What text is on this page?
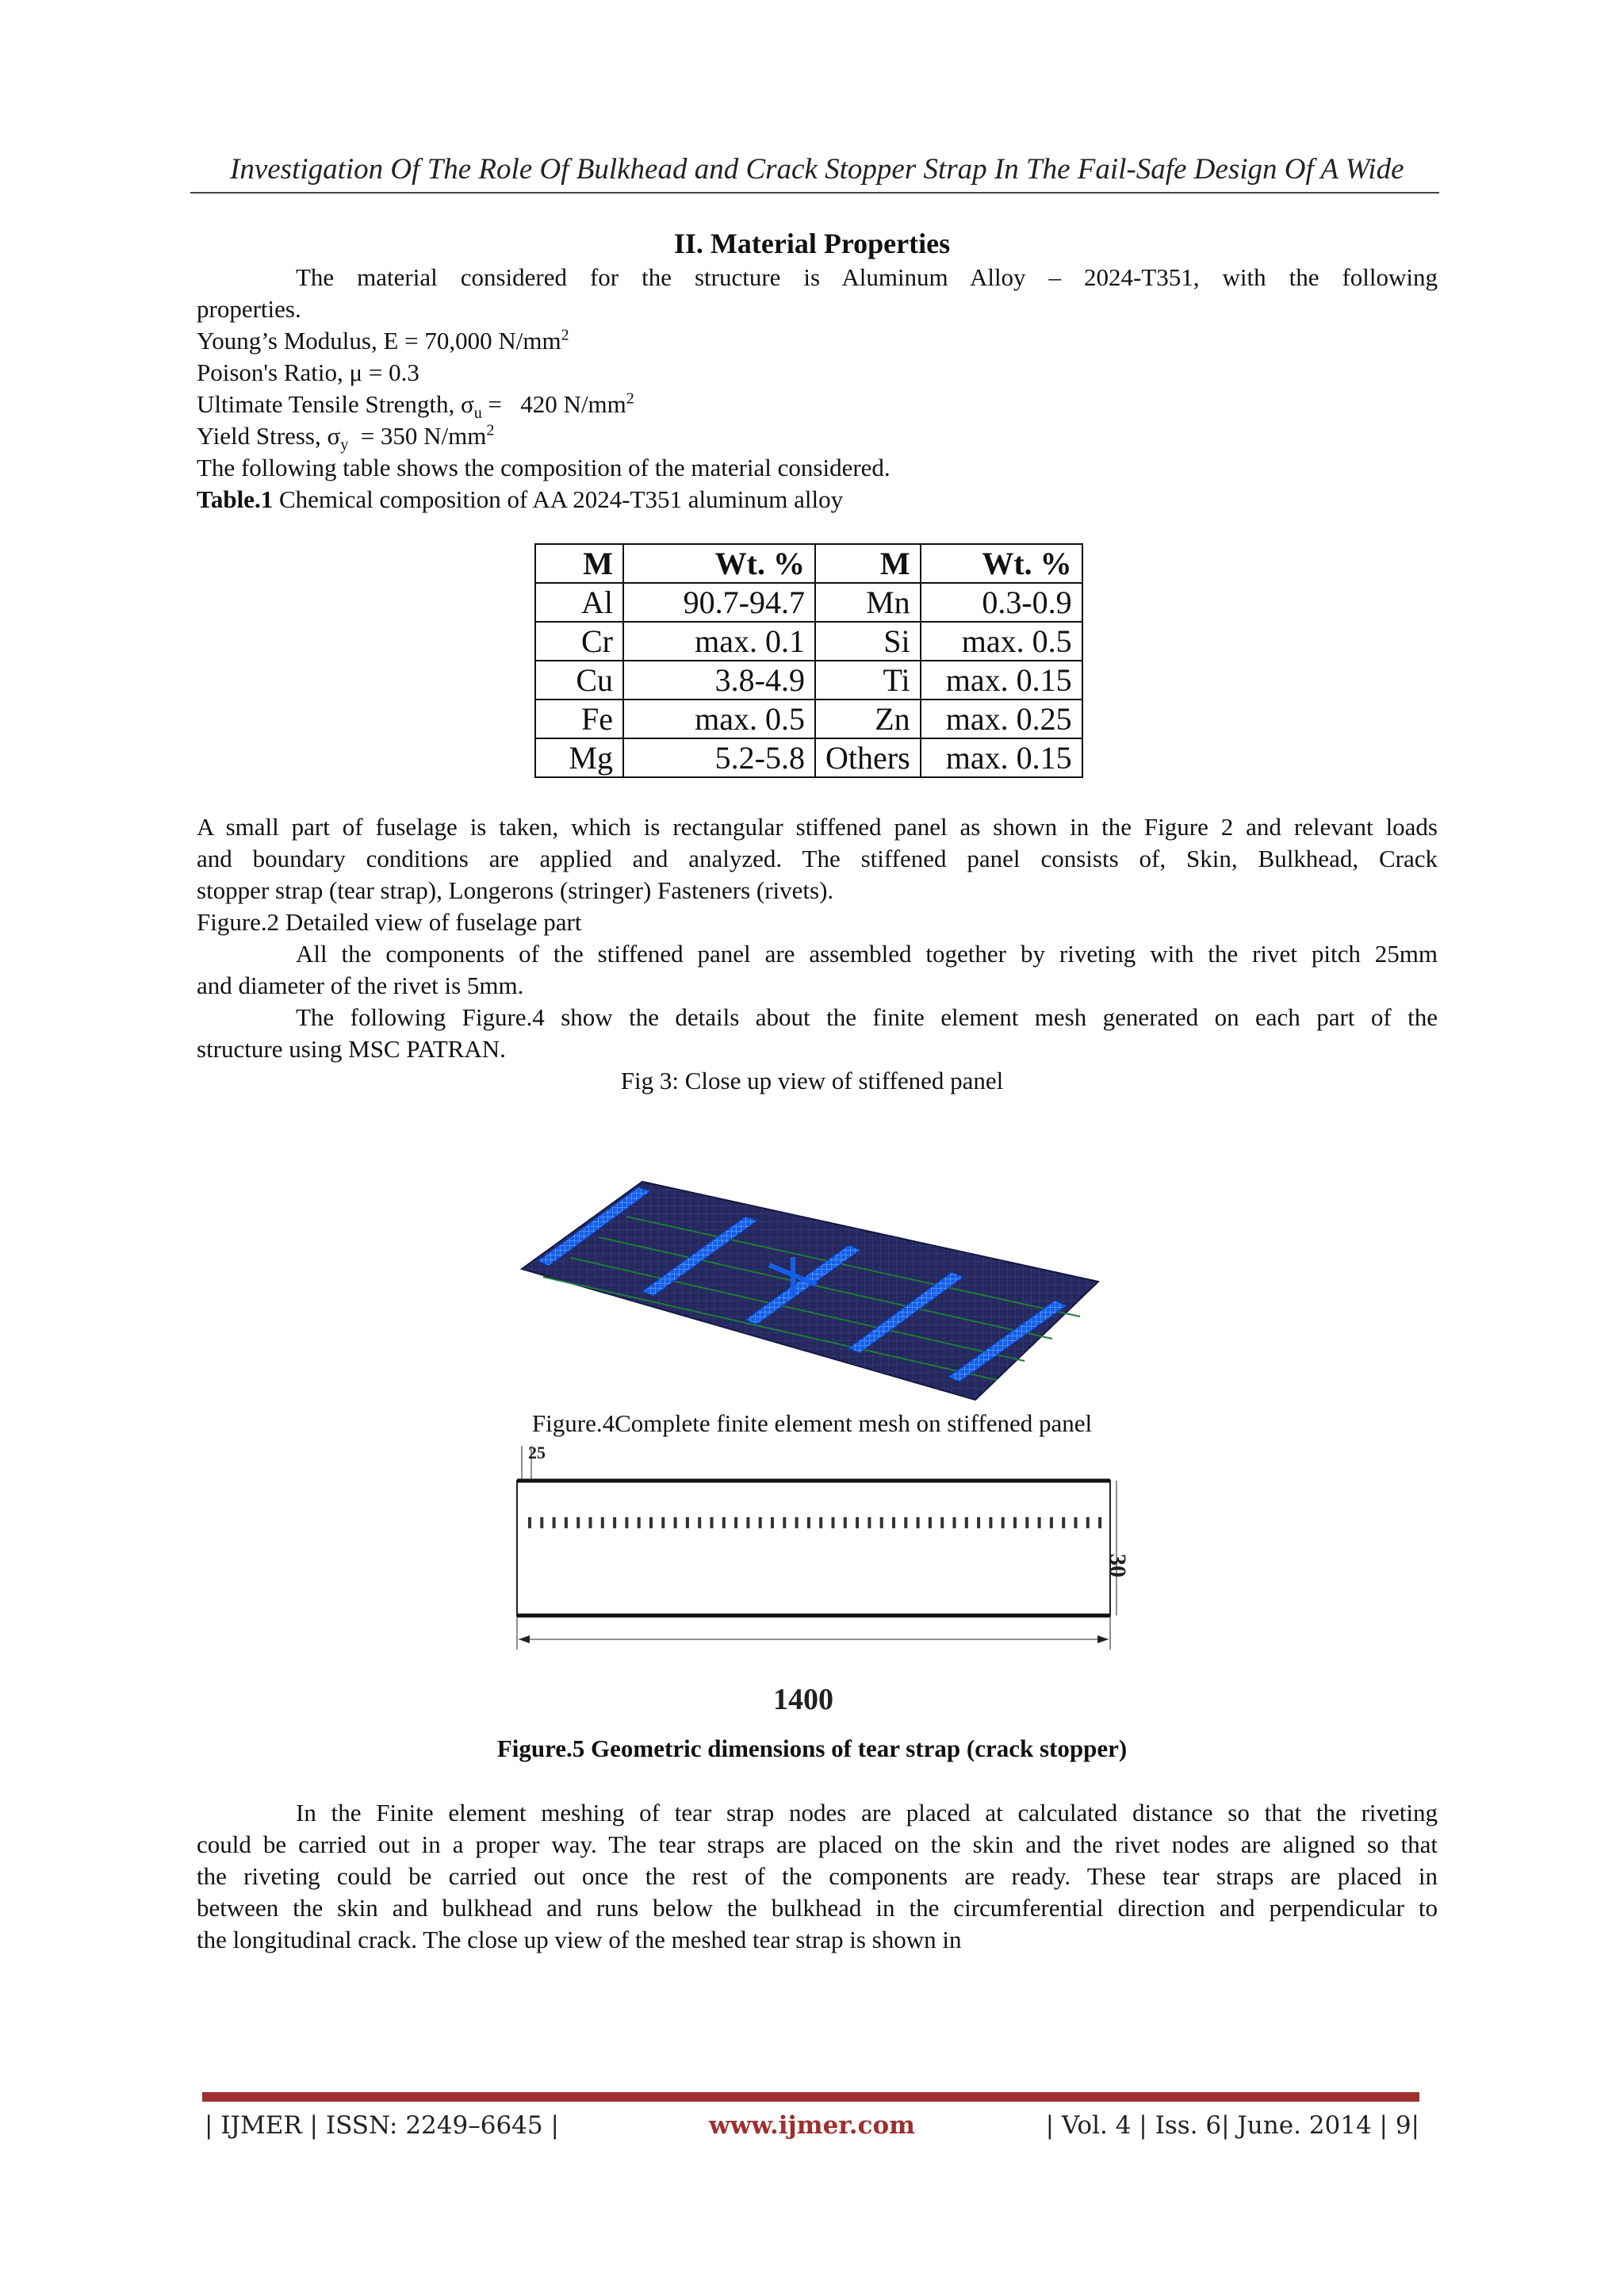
Investigation Of The Role Of Bulkhead and Crack Stopper Strap In The Fail-Safe Design Of A Wide
II. Material Properties
The material considered for the structure is Aluminum Alloy – 2024-T351, with the following
properties.
Young’s Modulus, E = 70,000 $N/mm^2$
Poison's Ratio, μ = 0.3
Ultimate Tensile Strength, $\sigma_u = 420$ $N/mm^2$
Yield Stress, $\sigma_y = 350$ $N/mm^2$
The following table shows the composition of the material considered.
Table.1 Chemical composition of AA 2024-T351 aluminum alloy
M	Wt. %	M	Wt. %
Al	90.7-94.7	Mn	0.3-0.9
Cr	max. 0.1	Si	max. 0.5
Cu	3.8-4.9	Ti	max. 0.15
Fe	max. 0.5	Zn	max. 0.25
Mg	5.2-5.8	Others	max. 0.15
A small part of fuselage is taken, which is rectangular stiffened panel as shown in the Figure 2 and relevant loads
and boundary conditions are applied and analyzed. The stiffened panel consists of, Skin, Bulkhead, Crack
stopper strap (tear strap), Longerons (stringer) Fasteners (rivets).
Figure.2 Detailed view of fuselage part
All the components of the stiffened panel are assembled together by riveting with the rivet pitch 25mm
and diameter of the rivet is 5mm.
The following Figure.4 show the details about the finite element mesh generated on each part of the
structure using MSC PATRAN.
Fig 3: Close up view of stiffened panel
Figure.4Complete finite element mesh on stiffened panel
25
30
1400
Figure.5 Geometric dimensions of tear strap (crack stopper)
In the Finite element meshing of tear strap nodes are placed at calculated distance so that the riveting
could be carried out in a proper way. The tear straps are placed on the skin and the rivet nodes are aligned so that
the riveting could be carried out once the rest of the components are ready. These tear straps are placed in
between the skin and bulkhead and runs below the bulkhead in the circumferential direction and perpendicular to
the longitudinal crack. The close up view of the meshed tear strap is shown in
| IJMER | ISSN: 2249–6645 |	www.ijmer.com	| Vol. 4 | Iss. 6| June. 2014 | 9|
